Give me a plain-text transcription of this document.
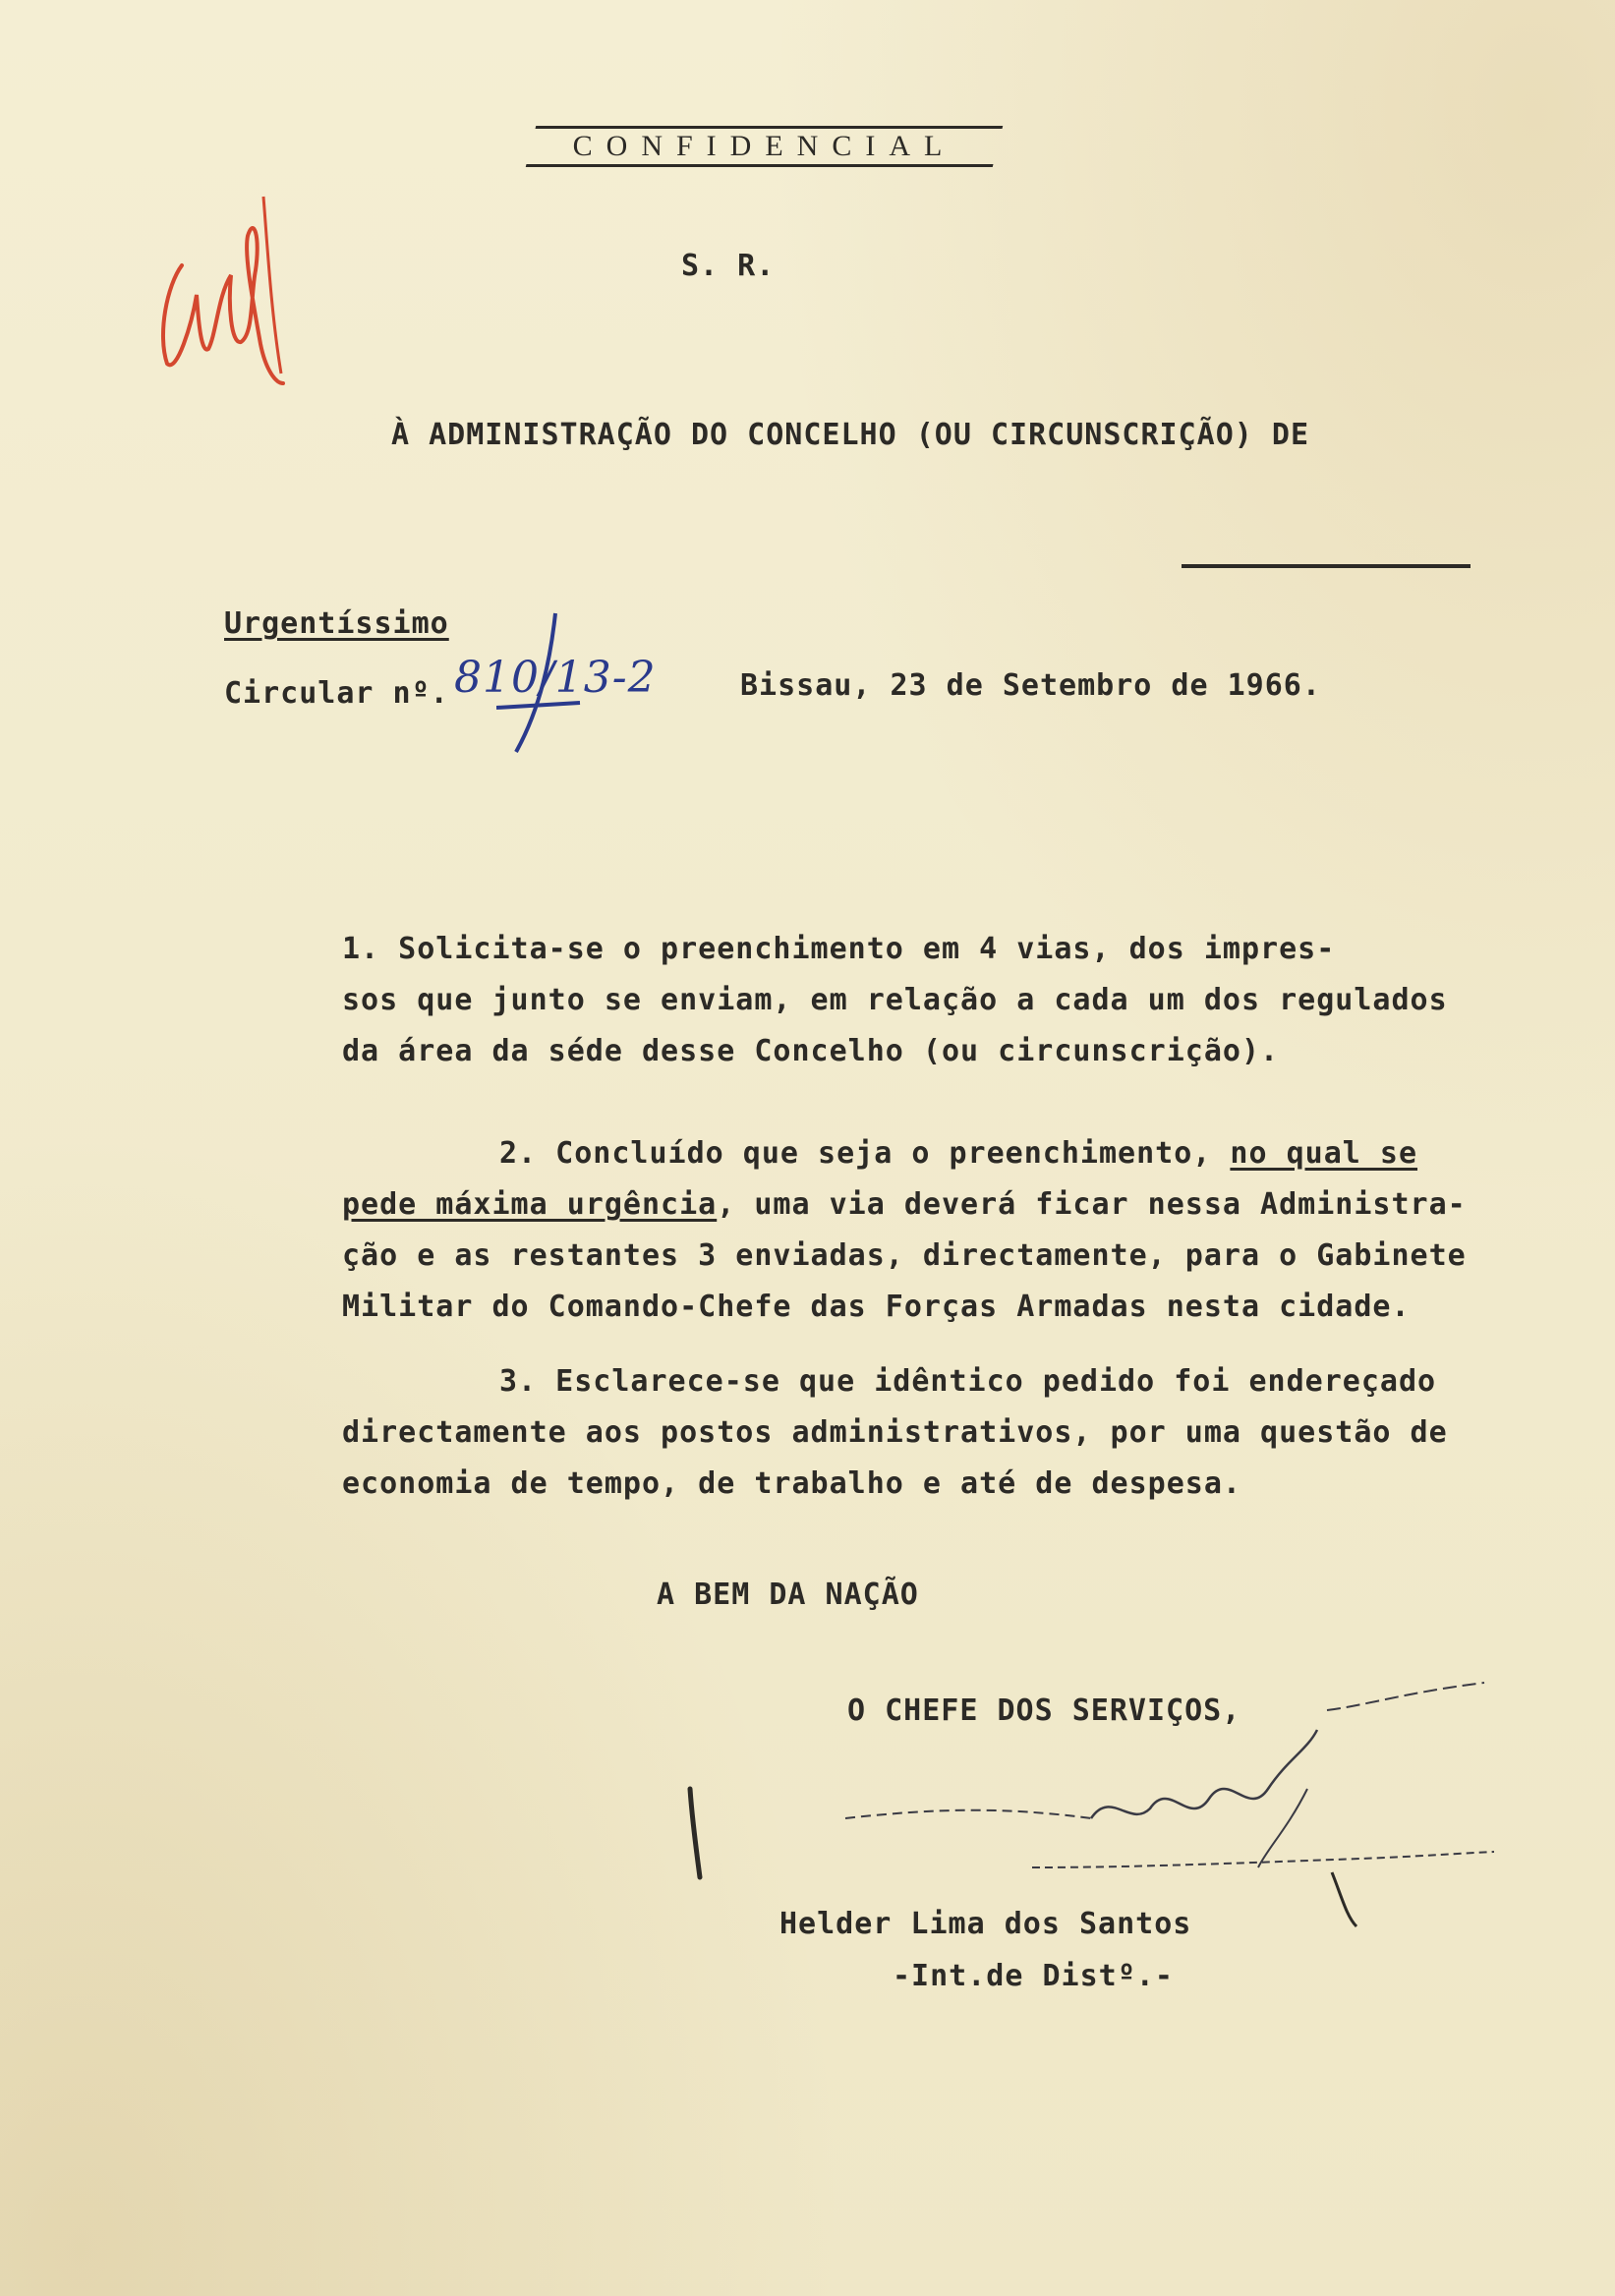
CONFIDENCIAL
S. R.
À ADMINISTRAÇÃO DO CONCELHO (OU CIRCUNSCRIÇÃO) DE
Urgentíssimo
Circular nº. 810/13-2	Bissau, 23 de Setembro de 1966.
1. Solicita-se o preenchimento em 4 vias, dos impres-
sos que junto se enviam, em relação a cada um dos regulados
da área da séde desse Concelho (ou circunscrição).
2. Concluído que seja o preenchimento, no qual se
pede máxima urgência, uma via deverá ficar nessa Administra-
ção e as restantes 3 enviadas, directamente, para o Gabinete
Militar do Comando-Chefe das Forças Armadas nesta cidade.
3. Esclarece-se que idêntico pedido foi endereçado
directamente aos postos administrativos, por uma questão de
economia de tempo, de trabalho e até de despesa.
A BEM DA NAÇÃO
O CHEFE DOS SERVIÇOS,
Helder Lima dos Santos
-Int.de Distº.-
